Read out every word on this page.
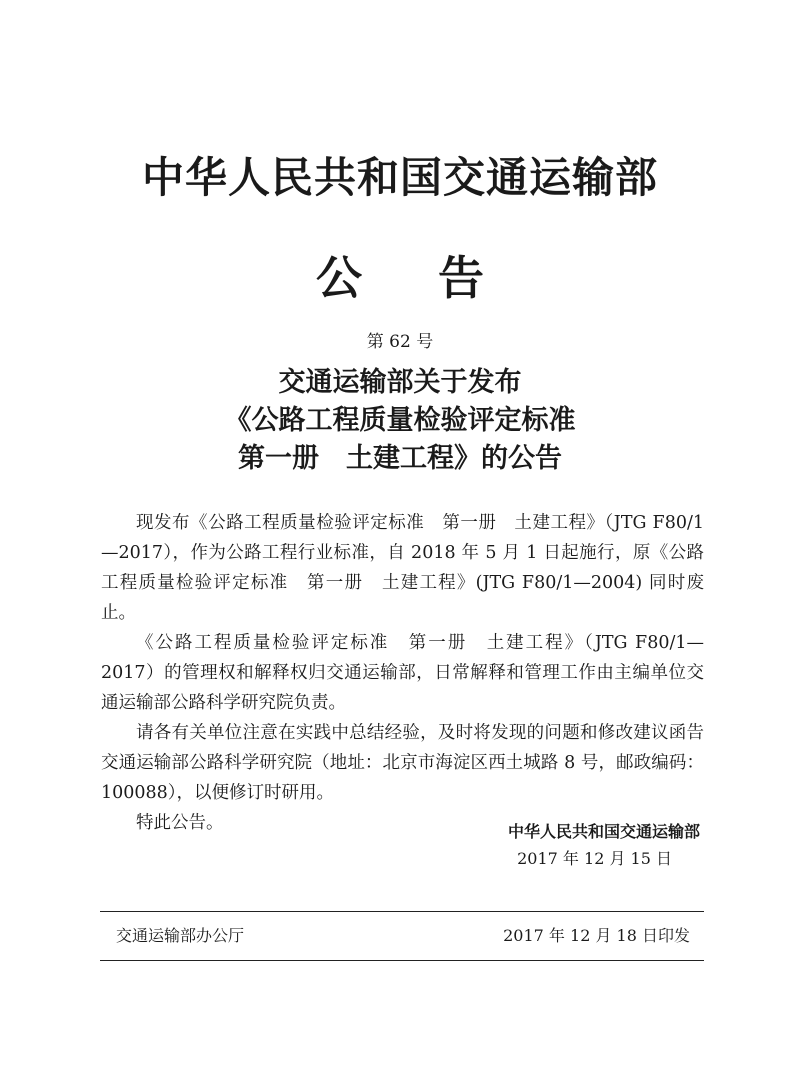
中华人民共和国交通运输部
公告
第 62 号
交通运输部关于发布
《公路工程质量检验评定标准
第一册　土建工程》的公告

现发布《公路工程质量检验评定标准　第一册　土建工程》（JTG F80/1—2017），作为公路工程行业标准，自 2018 年 5 月 1 日起施行，原《公路工程质量检验评定标准　第一册　土建工程》(JTG F80/1—2004) 同时废止。

《公路工程质量检验评定标准　第一册　土建工程》（JTG F80/1—2017）的管理权和解释权归交通运输部，日常解释和管理工作由主编单位交通运输部公路科学研究院负责。

请各有关单位注意在实践中总结经验，及时将发现的问题和修改建议函告交通运输部公路科学研究院（地址：北京市海淀区西土城路 8 号，邮政编码：100088），以便修订时研用。

特此公告。	中华人民共和国交通运输部
2017 年 12 月 15 日
交通运输部办公厅	2017 年 12 月 18 日印发
